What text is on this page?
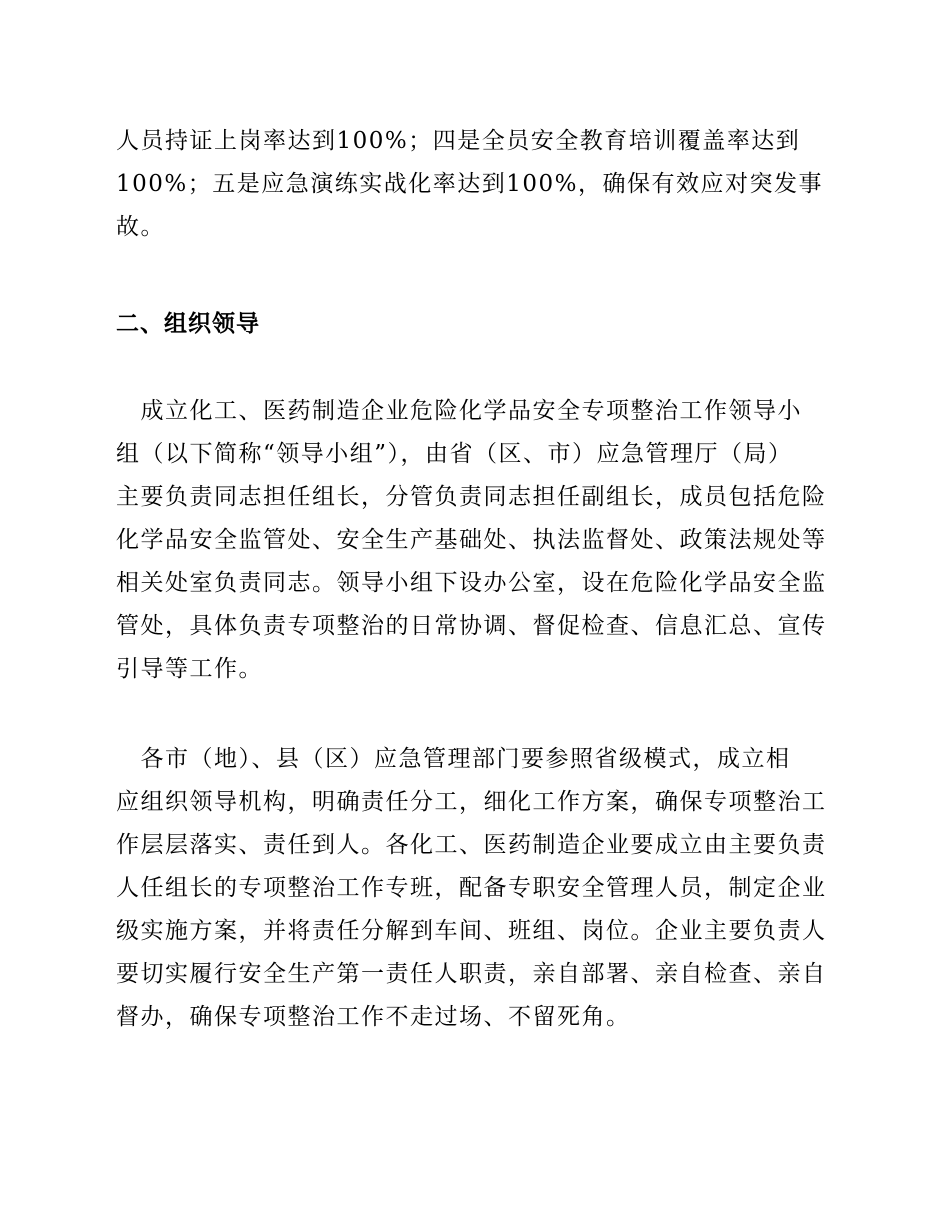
人员持证上岗率达到100%；四是全员安全教育培训覆盖率达到
100%；五是应急演练实战化率达到100%，确保有效应对突发事
故。
二、组织领导
　成立化工、医药制造企业危险化学品安全专项整治工作领导小
组（以下简称“领导小组”），由省（区、市）应急管理厅（局）
主要负责同志担任组长，分管负责同志担任副组长，成员包括危险
化学品安全监管处、安全生产基础处、执法监督处、政策法规处等
相关处室负责同志。领导小组下设办公室，设在危险化学品安全监
管处，具体负责专项整治的日常协调、督促检查、信息汇总、宣传
引导等工作。
　各市（地）、县（区）应急管理部门要参照省级模式，成立相
应组织领导机构，明确责任分工，细化工作方案，确保专项整治工
作层层落实、责任到人。各化工、医药制造企业要成立由主要负责
人任组长的专项整治工作专班，配备专职安全管理人员，制定企业
级实施方案，并将责任分解到车间、班组、岗位。企业主要负责人
要切实履行安全生产第一责任人职责，亲自部署、亲自检查、亲自
督办，确保专项整治工作不走过场、不留死角。
